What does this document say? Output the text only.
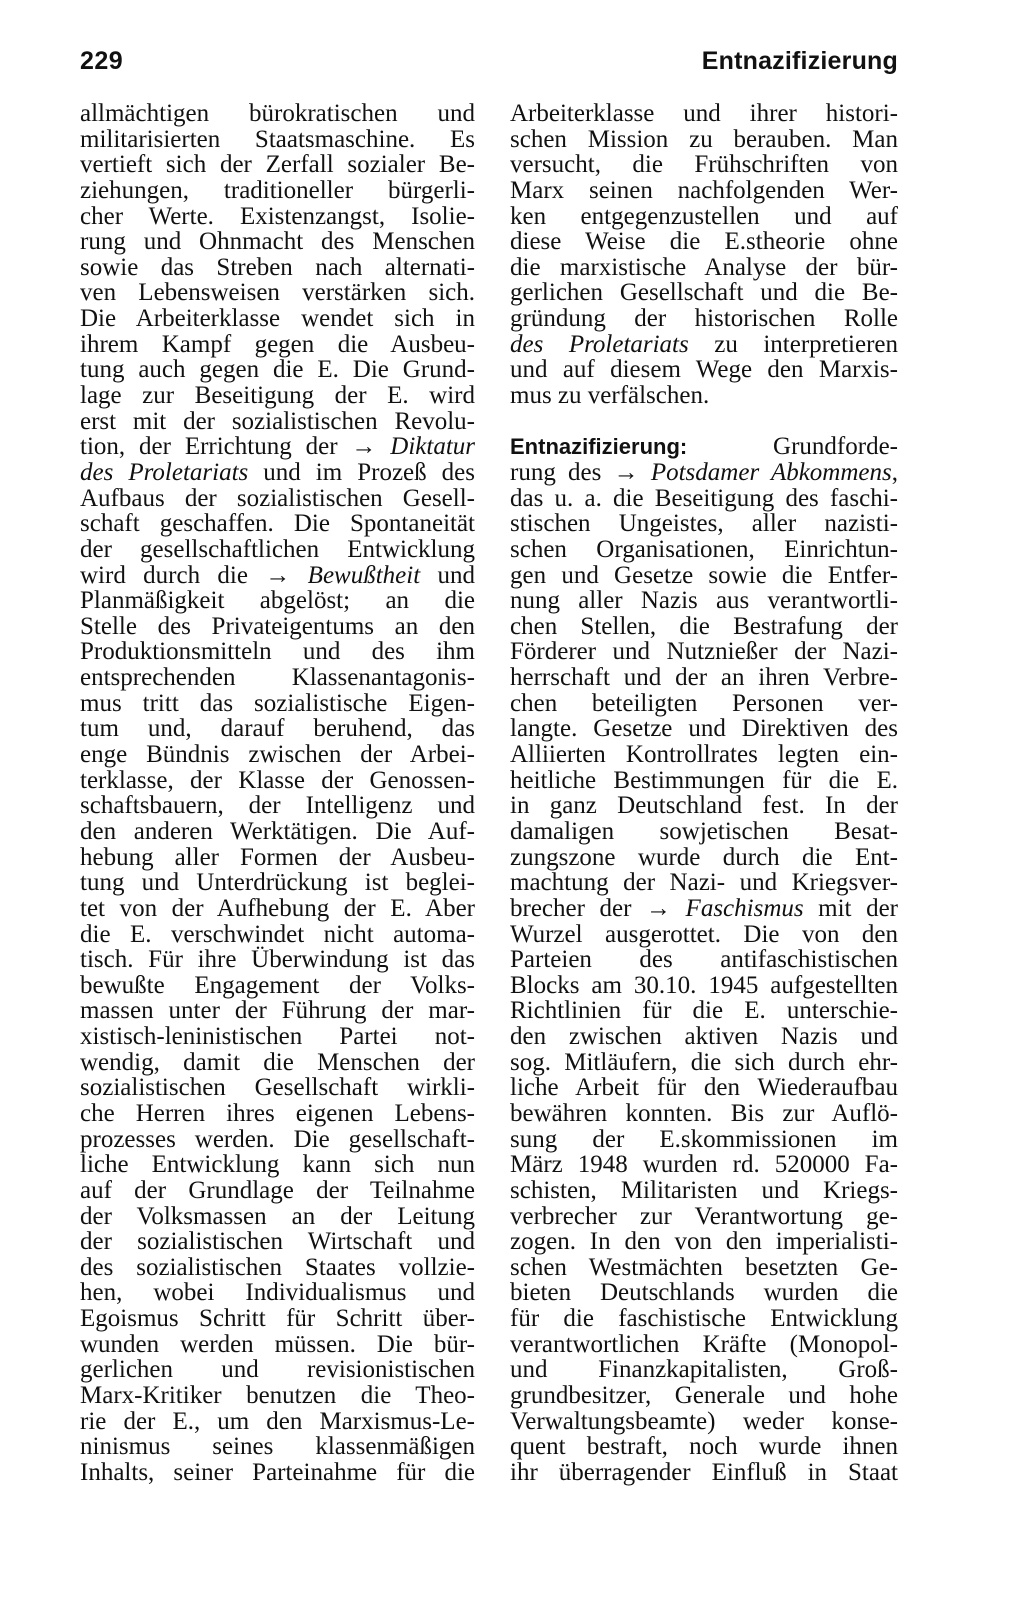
229	Entnazifizierung
allmächtigen bürokratischen und
militarisierten Staatsmaschine. Es
vertieft sich der Zerfall sozialer Be-
ziehungen, traditioneller bürgerli-
cher Werte. Existenzangst, Isolie-
rung und Ohnmacht des Menschen
sowie das Streben nach alternati-
ven Lebensweisen verstärken sich.
Die Arbeiterklasse wendet sich in
ihrem Kampf gegen die Ausbeu-
tung auch gegen die E. Die Grund-
lage zur Beseitigung der E. wird
erst mit der sozialistischen Revolu-
tion, der Errichtung der → Diktatur
des Proletariats und im Prozeß des
Aufbaus der sozialistischen Gesell-
schaft geschaffen. Die Spontaneität
der gesellschaftlichen Entwicklung
wird durch die → Bewußtheit und
Planmäßigkeit abgelöst; an die
Stelle des Privateigentums an den
Produktionsmitteln und des ihm
entsprechenden Klassenantagonis-
mus tritt das sozialistische Eigen-
tum und, darauf beruhend, das
enge Bündnis zwischen der Arbei-
terklasse, der Klasse der Genossen-
schaftsbauern, der Intelligenz und
den anderen Werktätigen. Die Auf-
hebung aller Formen der Ausbeu-
tung und Unterdrückung ist beglei-
tet von der Aufhebung der E. Aber
die E. verschwindet nicht automa-
tisch. Für ihre Überwindung ist das
bewußte Engagement der Volks-
massen unter der Führung der mar-
xistisch-leninistischen Partei not-
wendig, damit die Menschen der
sozialistischen Gesellschaft wirkli-
che Herren ihres eigenen Lebens-
prozesses werden. Die gesellschaft-
liche Entwicklung kann sich nun
auf der Grundlage der Teilnahme
der Volksmassen an der Leitung
der sozialistischen Wirtschaft und
des sozialistischen Staates vollzie-
hen, wobei Individualismus und
Egoismus Schritt für Schritt über-
wunden werden müssen. Die bür-
gerlichen und revisionistischen
Marx-Kritiker benutzen die Theo-
rie der E., um den Marxismus-Le-
ninismus seines klassenmäßigen
Inhalts, seiner Parteinahme für die
Arbeiterklasse und ihrer histori-
schen Mission zu berauben. Man
versucht, die Frühschriften von
Marx seinen nachfolgenden Wer-
ken entgegenzustellen und auf
diese Weise die E.stheorie ohne
die marxistische Analyse der bür-
gerlichen Gesellschaft und die Be-
gründung der historischen Rolle
des Proletariats zu interpretieren
und auf diesem Wege den Marxis-
mus zu verfälschen.
Entnazifizierung:	Grundforde-
rung des → Potsdamer Abkommens,
das u. a. die Beseitigung des faschi-
stischen Ungeistes, aller nazisti-
schen Organisationen, Einrichtun-
gen und Gesetze sowie die Entfer-
nung aller Nazis aus verantwortli-
chen Stellen, die Bestrafung der
Förderer und Nutznießer der Nazi-
herrschaft und der an ihren Verbre-
chen beteiligten Personen ver-
langte. Gesetze und Direktiven des
Alliierten Kontrollrates legten ein-
heitliche Bestimmungen für die E.
in ganz Deutschland fest. In der
damaligen sowjetischen Besat-
zungszone wurde durch die Ent-
machtung der Nazi- und Kriegsver-
brecher der → Faschismus mit der
Wurzel ausgerottet. Die von den
Parteien des antifaschistischen
Blocks am 30.10. 1945 aufgestellten
Richtlinien für die E. unterschie-
den zwischen aktiven Nazis und
sog. Mitläufern, die sich durch ehr-
liche Arbeit für den Wiederaufbau
bewähren konnten. Bis zur Auflö-
sung der E.skommissionen im
März 1948 wurden rd. 520000 Fa-
schisten, Militaristen und Kriegs-
verbrecher zur Verantwortung ge-
zogen. In den von den imperialisti-
schen Westmächten besetzten Ge-
bieten Deutschlands wurden die
für die faschistische Entwicklung
verantwortlichen Kräfte (Monopol-
und Finanzkapitalisten, Groß-
grundbesitzer, Generale und hohe
Verwaltungsbeamte) weder konse-
quent bestraft, noch wurde ihnen
ihr überragender Einfluß in Staat
